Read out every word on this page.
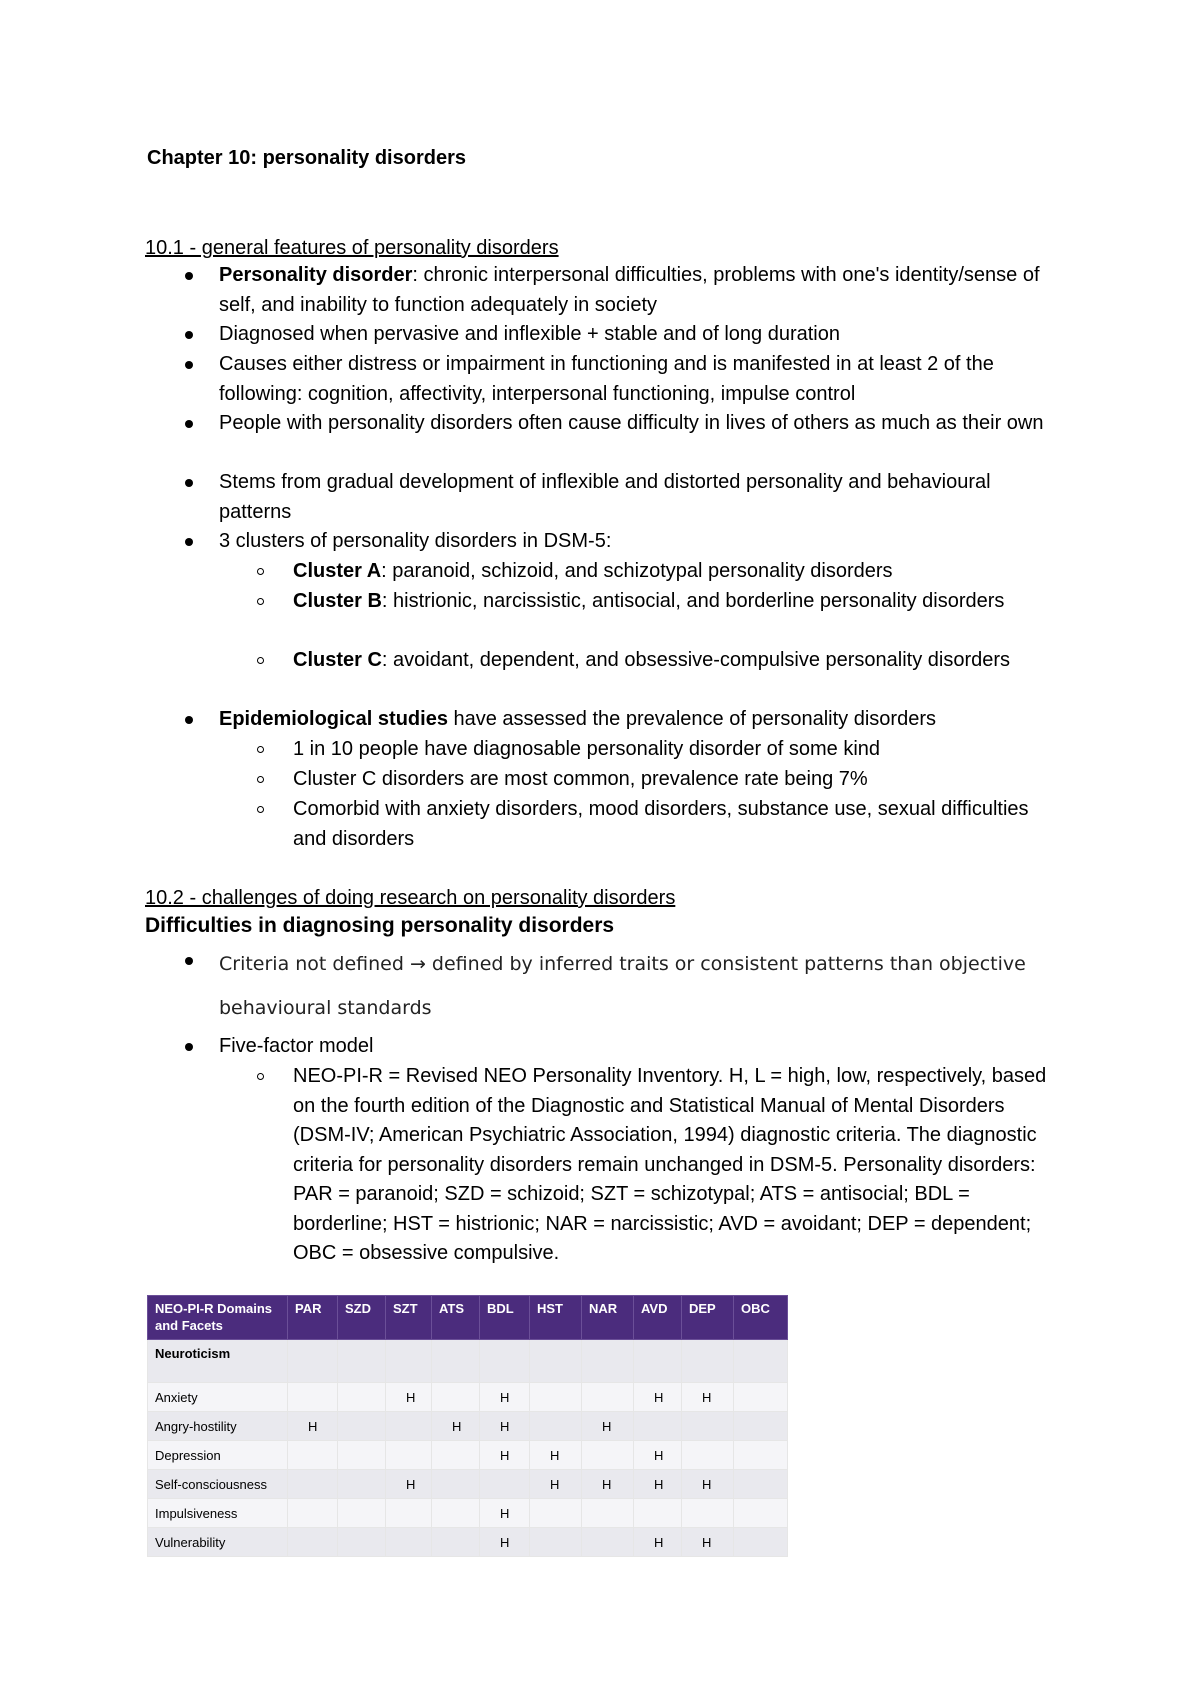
Chapter 10: personality disorders
10.1 - general features of personality disorders
Personality disorder: chronic interpersonal difficulties, problems with one's identity/sense of self, and inability to function adequately in society
Diagnosed when pervasive and inflexible + stable and of long duration
Causes either distress or impairment in functioning and is manifested in at least 2 of the following: cognition, affectivity, interpersonal functioning, impulse control
People with personality disorders often cause difficulty in lives of others as much as their own
Stems from gradual development of inflexible and distorted personality and behavioural patterns
3 clusters of personality disorders in DSM-5:
Cluster A: paranoid, schizoid, and schizotypal personality disorders
Cluster B: histrionic, narcissistic, antisocial, and borderline personality disorders
Cluster C: avoidant, dependent, and obsessive-compulsive personality disorders
Epidemiological studies have assessed the prevalence of personality disorders
1 in 10 people have diagnosable personality disorder of some kind
Cluster C disorders are most common, prevalence rate being 7%
Comorbid with anxiety disorders, mood disorders, substance use, sexual difficulties and disorders
10.2 - challenges of doing research on personality disorders
Difficulties in diagnosing personality disorders
Criteria not defined → defined by inferred traits or consistent patterns than objective behavioural standards
Five-factor model
NEO-PI-R = Revised NEO Personality Inventory. H, L = high, low, respectively, based on the fourth edition of the Diagnostic and Statistical Manual of Mental Disorders (DSM-IV; American Psychiatric Association, 1994) diagnostic criteria. The diagnostic criteria for personality disorders remain unchanged in DSM-5. Personality disorders: PAR = paranoid; SZD = schizoid; SZT = schizotypal; ATS = antisocial; BDL = borderline; HST = histrionic; NAR = narcissistic; AVD = avoidant; DEP = dependent; OBC = obsessive compulsive.
NEO-PI-R Domains and Facets	PAR	SZD	SZT	ATS	BDL	HST	NAR	AVD	DEP	OBC
Neuroticism										
Anxiety			H		H			H	H	
Angry-hostility	H			H	H		H			
Depression					H	H		H		
Self-consciousness			H			H	H	H	H	
Impulsiveness					H					
Vulnerability					H			H	H	
